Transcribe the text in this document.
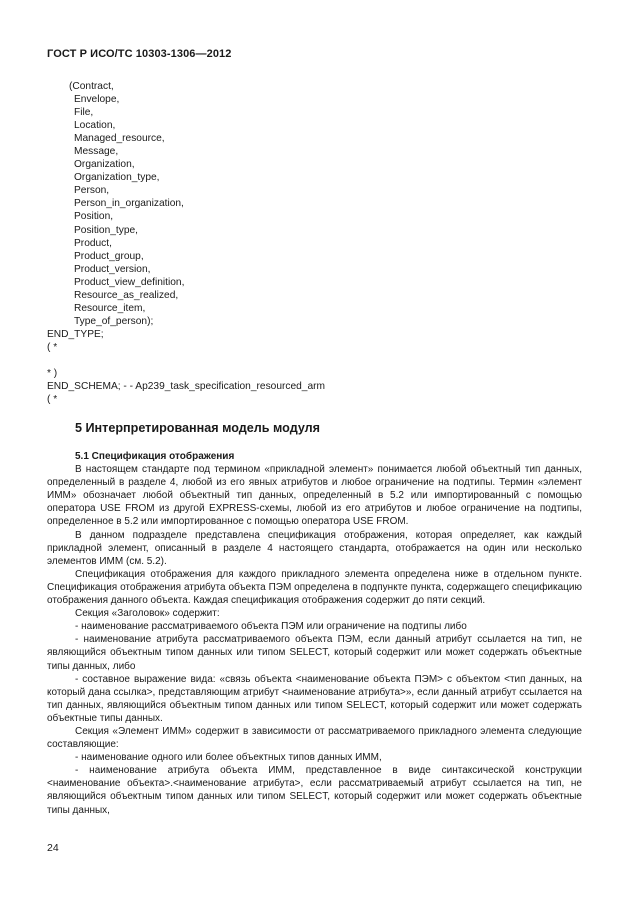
ГОСТ Р ИСО/ТС 10303-1306—2012
(Contract,
Envelope,
File,
Location,
Managed_resource,
Message,
Organization,
Organization_type,
Person,
Person_in_organization,
Position,
Position_type,
Product,
Product_group,
Product_version,
Product_view_definition,
Resource_as_realized,
Resource_item,
Type_of_person);
END_TYPE;
( *
* )
END_SCHEMA; - - Ap239_task_specification_resourced_arm
( *
5 Интерпретированная модель модуля

5.1 Спецификация отображения

В настоящем стандарте под термином «прикладной элемент» понимается любой объектный тип данных, определенный в разделе 4, любой из его явных атрибутов и любое ограничение на подтипы. Термин «элемент ИММ» обозначает любой объектный тип данных, определенный в 5.2 или импортированный с помощью оператора USE FROM из другой EXPRESS-схемы, любой из его атрибутов и любое ограничение на подтипы, определенное в 5.2 или импортированное с помощью оператора USE FROM.

В данном подразделе представлена спецификация отображения, которая определяет, как каждый прикладной элемент, описанный в разделе 4 настоящего стандарта, отображается на один или несколько элементов ИММ (см. 5.2).

Спецификация отображения для каждого прикладного элемента определена ниже в отдельном пункте. Спецификация отображения атрибута объекта ПЭМ определена в подпункте пункта, содержащего спецификацию отображения данного объекта. Каждая спецификация отображения содержит до пяти секций.

Секция «Заголовок» содержит:

- наименование рассматриваемого объекта ПЭМ или ограничение на подтипы либо

- наименование атрибута рассматриваемого объекта ПЭМ, если данный атрибут ссылается на тип, не являющийся объектным типом данных или типом SELECT, который содержит или может содержать объектные типы данных, либо

- составное выражение вида: «связь объекта <наименование объекта ПЭМ> с объектом <тип данных, на который дана ссылка>, представляющим атрибут <наименование атрибута>», если данный атрибут ссылается на тип данных, являющийся объектным типом данных или типом SELECT, который содержит или может содержать объектные типы данных.

Секция «Элемент ИММ» содержит в зависимости от рассматриваемого прикладного элемента следующие составляющие:

- наименование одного или более объектных типов данных ИММ,

- наименование атрибута объекта ИММ, представленное в виде синтаксической конструкции <наименование объекта>.<наименование атрибута>, если рассматриваемый атрибут ссылается на тип, не являющийся объектным типом данных или типом SELECT, который содержит или может содержать объектные типы данных,

24
